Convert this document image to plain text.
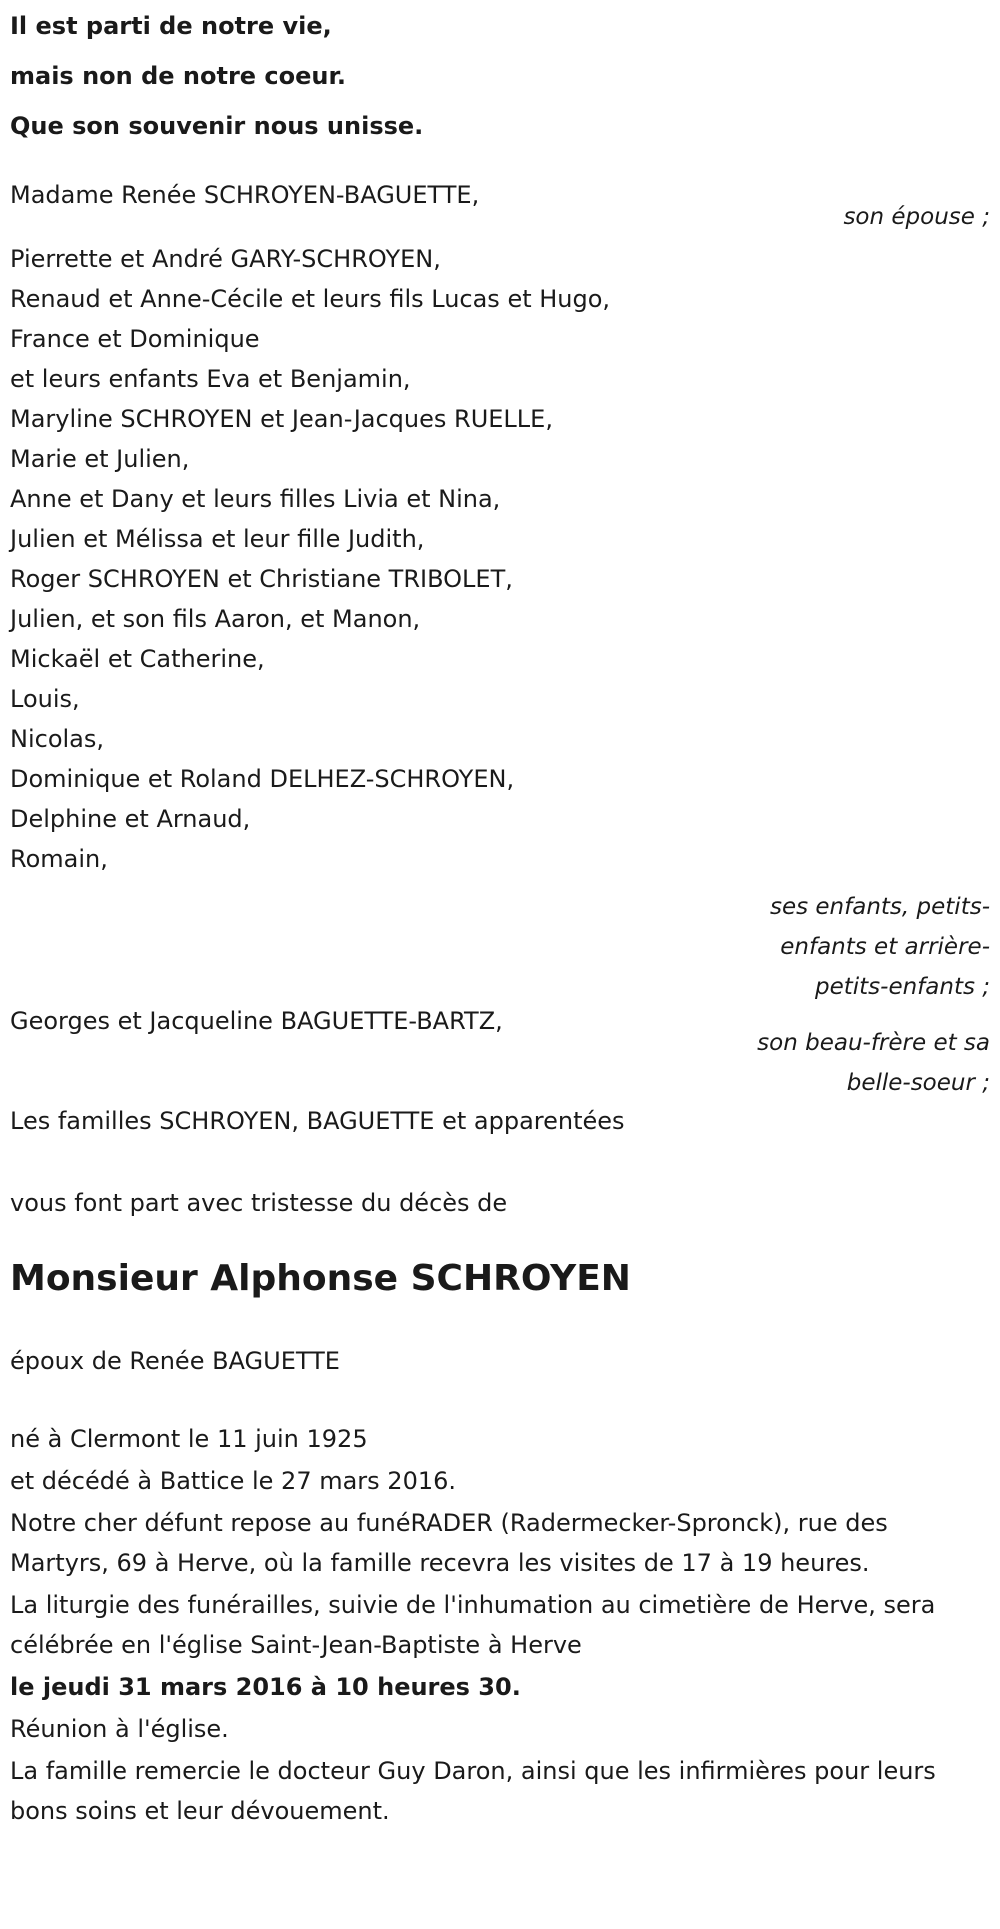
Il est parti de notre vie,
mais non de notre coeur.
Que son souvenir nous unisse.
Madame Renée SCHROYEN-BAGUETTE,
son épouse ;
Pierrette et André GARY-SCHROYEN,
Renaud et Anne-Cécile et leurs fils Lucas et Hugo,
France et Dominique
et leurs enfants Eva et Benjamin,
Maryline SCHROYEN et Jean-Jacques RUELLE,
Marie et Julien,
Anne et Dany et leurs filles Livia et Nina,
Julien et Mélissa et leur fille Judith,
Roger SCHROYEN et Christiane TRIBOLET,
Julien, et son fils Aaron, et Manon,
Mickaël et Catherine,
Louis,
Nicolas,
Dominique et Roland DELHEZ-SCHROYEN,
Delphine et Arnaud,
Romain,
ses enfants, petits-
enfants et arrière-
petits-enfants ;
Georges et Jacqueline BAGUETTE-BARTZ,
son beau-frère et sa
belle-soeur ;
Les familles SCHROYEN, BAGUETTE et apparentées
vous font part avec tristesse du décès de
Monsieur Alphonse SCHROYEN
époux de Renée BAGUETTE
né à Clermont le 11 juin 1925
et décédé à Battice le 27 mars 2016.
Notre cher défunt repose au funéRADER (Radermecker-Spronck), rue des Martyrs, 69 à Herve, où la famille recevra les visites de 17 à 19 heures.
La liturgie des funérailles, suivie de l'inhumation au cimetière de Herve, sera célébrée en l'église Saint-Jean-Baptiste à Herve
le jeudi 31 mars 2016 à 10 heures 30.
Réunion à l'église.
La famille remercie le docteur Guy Daron, ainsi que les infirmières pour leurs bons soins et leur dévouement.
